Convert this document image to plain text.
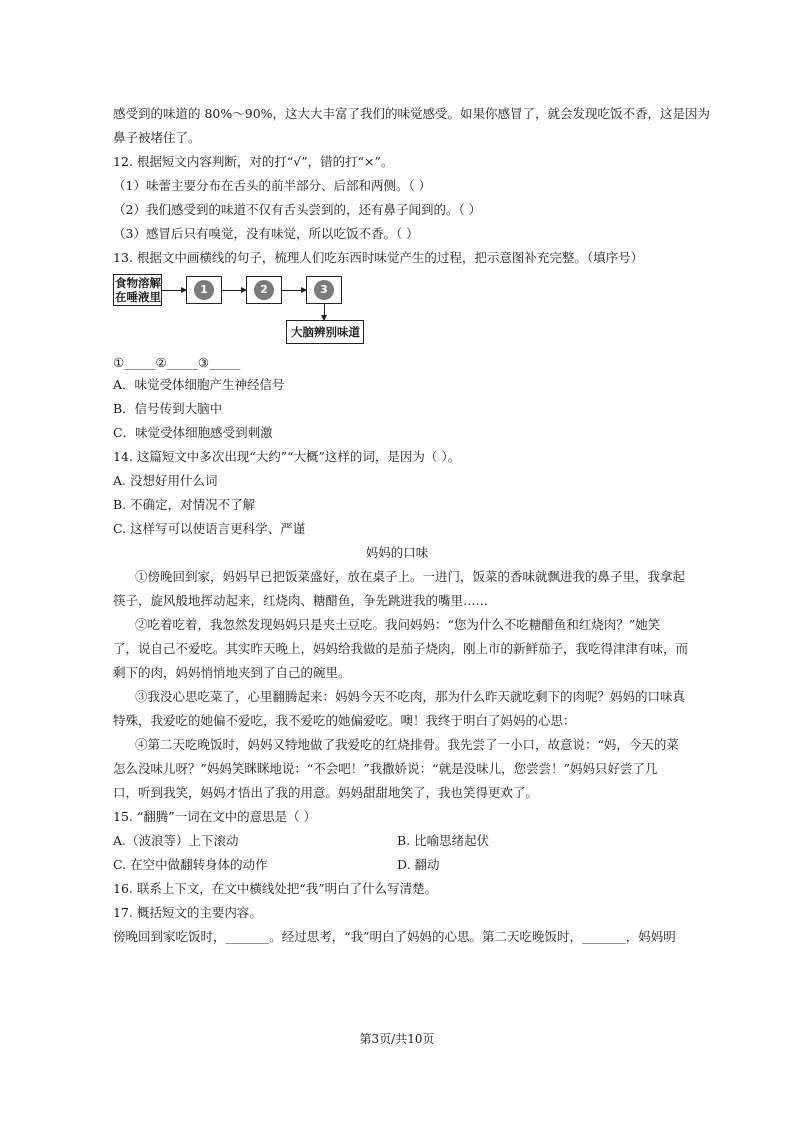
感受到的味道的 80%～90%，这大大丰富了我们的味觉感受。如果你感冒了，就会发现吃饭不香，这是因为
鼻子被堵住了。
12. 根据短文内容判断，对的打“√”，错的打“×”。
（1）味蕾主要分布在舌头的前半部分、后部和两侧。（ ）
（2）我们感受到的味道不仅有舌头尝到的，还有鼻子闻到的。（ ）
（3）感冒后只有嗅觉，没有味觉，所以吃饭不香。（ ）
13. 根据文中画横线的句子，梳理人们吃东西时味觉产生的过程，把示意图补充完整。（填序号）
食物溶解
在唾液里
1	2	3
大脑辨别味道
①_____②_____③_____
A．味觉受体细胞产生神经信号
B．信号传到大脑中
C．味觉受体细胞感受到刺激
14. 这篇短文中多次出现“大约”“大概”这样的词，是因为（ ）。
A. 没想好用什么词
B. 不确定，对情况不了解
C. 这样写可以使语言更科学、严谨
妈妈的口味
①傍晚回到家，妈妈早已把饭菜盛好，放在桌子上。一进门，饭菜的香味就飘进我的鼻子里，我拿起
筷子，旋风般地挥动起来，红烧肉、糖醋鱼，争先跳进我的嘴里……
②吃着吃着，我忽然发现妈妈只是夹土豆吃。我问妈妈：“您为什么不吃糖醋鱼和红烧肉？”她笑
了，说自己不爱吃。其实昨天晚上，妈妈给我做的是茄子烧肉，刚上市的新鲜茄子，我吃得津津有味，而
剩下的肉，妈妈悄悄地夹到了自己的碗里。
③我没心思吃菜了，心里翻腾起来：妈妈今天不吃肉，那为什么昨天就吃剩下的肉呢？妈妈的口味真
特殊，我爱吃的她偏不爱吃，我不爱吃的她偏爱吃。噢！我终于明白了妈妈的心思：
④第二天吃晚饭时，妈妈又特地做了我爱吃的红烧排骨。我先尝了一小口，故意说：“妈，今天的菜
怎么没味儿呀？”妈妈笑眯眯地说：“不会吧！”我撒娇说：“就是没味儿，您尝尝！”妈妈只好尝了几
口，听到我笑，妈妈才悟出了我的用意。妈妈甜甜地笑了，我也笑得更欢了。
15. “翻腾”一词在文中的意思是（ ）
A.（波浪等）上下滚动	B. 比喻思绪起伏
C. 在空中做翻转身体的动作	D. 翻动
16. 联系上下文，在文中横线处把“我”明白了什么写清楚。
17. 概括短文的主要内容。
傍晚回到家吃饭时，_______。经过思考，“我”明白了妈妈的心思。第二天吃晚饭时，_______，妈妈明
第3页/共10页
